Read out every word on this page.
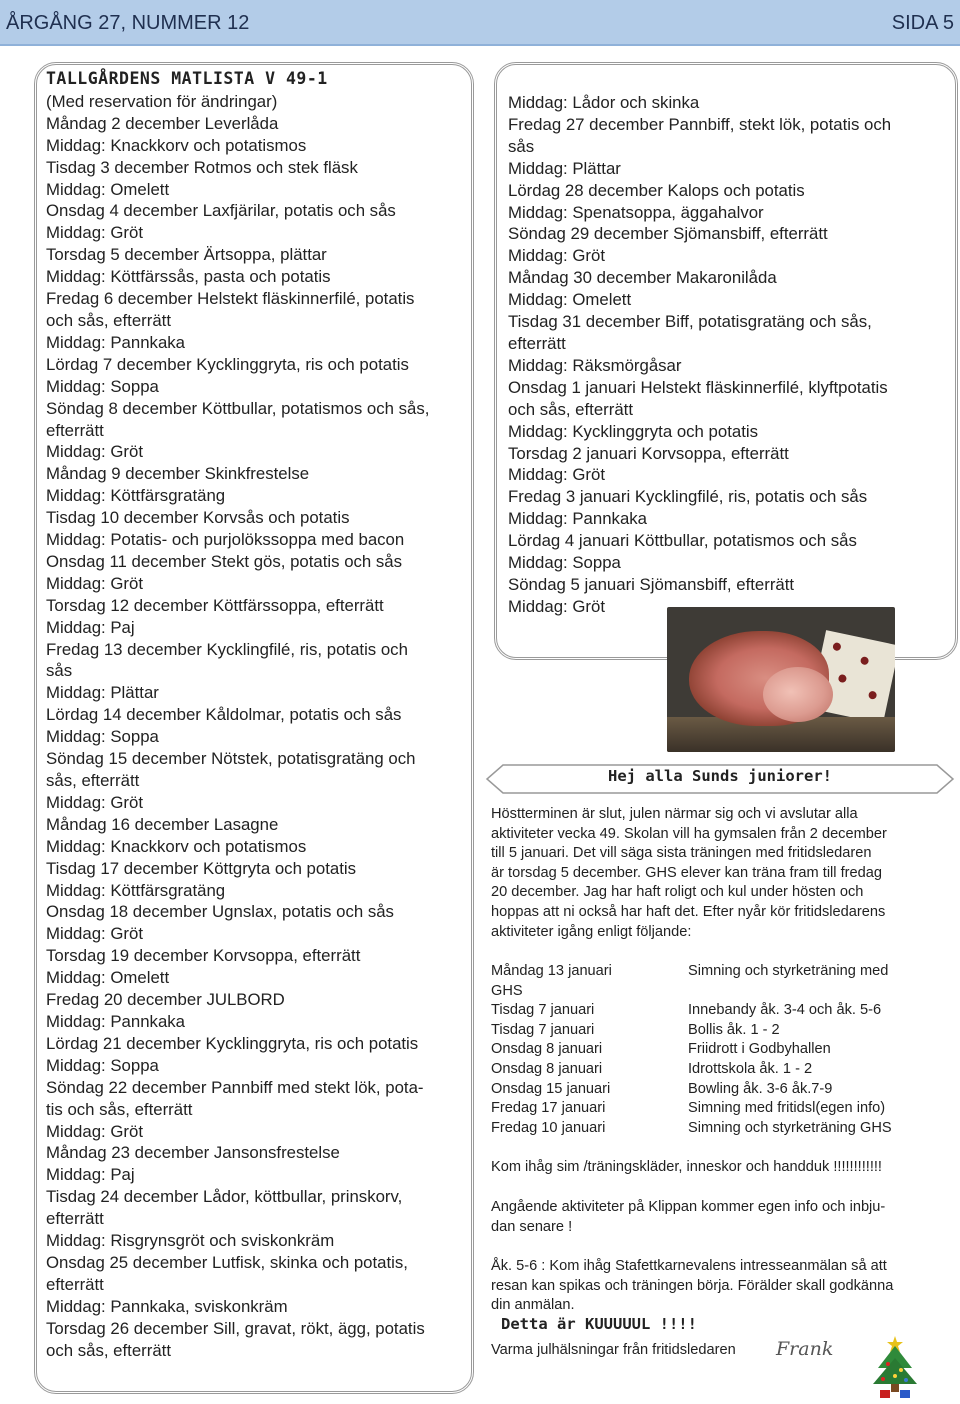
ÅRGÅNG 27, NUMMER 12	SIDA 5
TALLGÅRDENS MATLISTA V 49-1
(Med reservation för ändringar)
Måndag 2 december Leverlåda
Middag: Knackkorv och potatismos
Tisdag 3 december Rotmos och stek fläsk
Middag: Omelett
Onsdag 4 december Laxfjärilar, potatis och sås
Middag: Gröt
Torsdag 5 december Ärtsoppa, plättar
Middag: Köttfärssås, pasta och potatis
Fredag 6 december Helstekt fläskinnerfilé, potatis
och sås, efterrätt
Middag: Pannkaka
Lördag 7 december Kycklinggryta, ris och potatis
Middag: Soppa
Söndag 8 december Köttbullar, potatismos och sås,
efterrätt
Middag: Gröt
Måndag 9 december Skinkfrestelse
Middag: Köttfärsgratäng
Tisdag 10 december Korvsås och potatis
Middag: Potatis- och purjolökssoppa med bacon
Onsdag 11 december Stekt gös, potatis och sås
Middag: Gröt
Torsdag 12 december Köttfärssoppa, efterrätt
Middag: Paj
Fredag 13 december Kycklingfilé, ris, potatis och
sås
Middag: Plättar
Lördag 14 december Kåldolmar, potatis och sås
Middag: Soppa
Söndag 15 december Nötstek, potatisgratäng och
sås, efterrätt
Middag: Gröt
Måndag 16 december Lasagne
Middag: Knackkorv och potatismos
Tisdag 17 december Köttgryta och potatis
Middag: Köttfärsgratäng
Onsdag 18 december Ugnslax, potatis och sås
Middag: Gröt
Torsdag 19 december Korvsoppa, efterrätt
Middag: Omelett
Fredag 20 december JULBORD
Middag: Pannkaka
Lördag 21 december Kycklinggryta, ris och potatis
Middag: Soppa
Söndag 22 december Pannbiff med stekt lök, pota-
tis och sås, efterrätt
Middag: Gröt
Måndag 23 december Jansonsfrestelse
Middag: Paj
Tisdag 24 december Lådor, köttbullar, prinskorv,
efterrätt
Middag: Risgrynsgröt och sviskonkräm
Onsdag 25 december Lutfisk, skinka och potatis,
efterrätt
Middag: Pannkaka, sviskonkräm
Torsdag 26 december Sill, gravat, rökt, ägg, potatis
och sås, efterrätt
Middag: Lådor och skinka
Fredag 27 december Pannbiff, stekt lök, potatis och
sås
Middag: Plättar
Lördag 28 december Kalops och potatis
Middag: Spenatsoppa, äggahalvor
Söndag 29 december Sjömansbiff, efterrätt
Middag: Gröt
Måndag 30 december Makaronilåda
Middag: Omelett
Tisdag 31 december Biff, potatisgratäng och sås,
efterrätt
Middag: Räksmörgåsar
Onsdag 1 januari Helstekt fläskinnerfilé, klyftpotatis
och sås, efterrätt
Middag: Kycklinggryta och potatis
Torsdag 2 januari Korvsoppa, efterrätt
Middag: Gröt
Fredag 3 januari Kycklingfilé, ris, potatis och sås
Middag: Pannkaka
Lördag 4 januari Köttbullar, potatismos och sås
Middag: Soppa
Söndag 5 januari Sjömansbiff, efterrätt
Middag: Gröt
Hej alla Sunds juniorer!
Höstterminen är slut, julen närmar sig och vi avslutar alla
aktiviteter vecka 49. Skolan vill ha gymsalen från 2 december
till 5 januari. Det vill säga sista träningen med fritidsledaren
är torsdag 5 december. GHS elever kan träna fram till fredag
20 december. Jag har haft roligt och kul under hösten och
hoppas att ni också har haft det. Efter nyår kör fritidsledarens
aktiviteter igång enligt följande:
Måndag 13 januari	Simning och styrketräning med
GHS
Tisdag 7 januari	Innebandy åk. 3-4 och åk. 5-6
Tisdag 7 januari	Bollis åk. 1 - 2
Onsdag 8 januari	Friidrott i Godbyhallen
Onsdag 8 januari	Idrottskola åk. 1 - 2
Onsdag 15 januari	Bowling åk. 3-6 åk.7-9
Fredag 17 januari	Simning med fritidsl(egen info)
Fredag 10 januari	Simning och styrketräning GHS
Kom ihåg sim /träningskläder, inneskor och handduk !!!!!!!!!!!!
Angående aktiviteter på Klippan kommer egen info och inbju-
dan senare !
Åk. 5-6 : Kom ihåg Stafettkarnevalens intresseanmälan så att
resan kan spikas och träningen börja. Förälder skall godkänna
din anmälan.
Detta är KUUUUUL !!!!
Varma julhälsningar från fritidsledaren Frank
